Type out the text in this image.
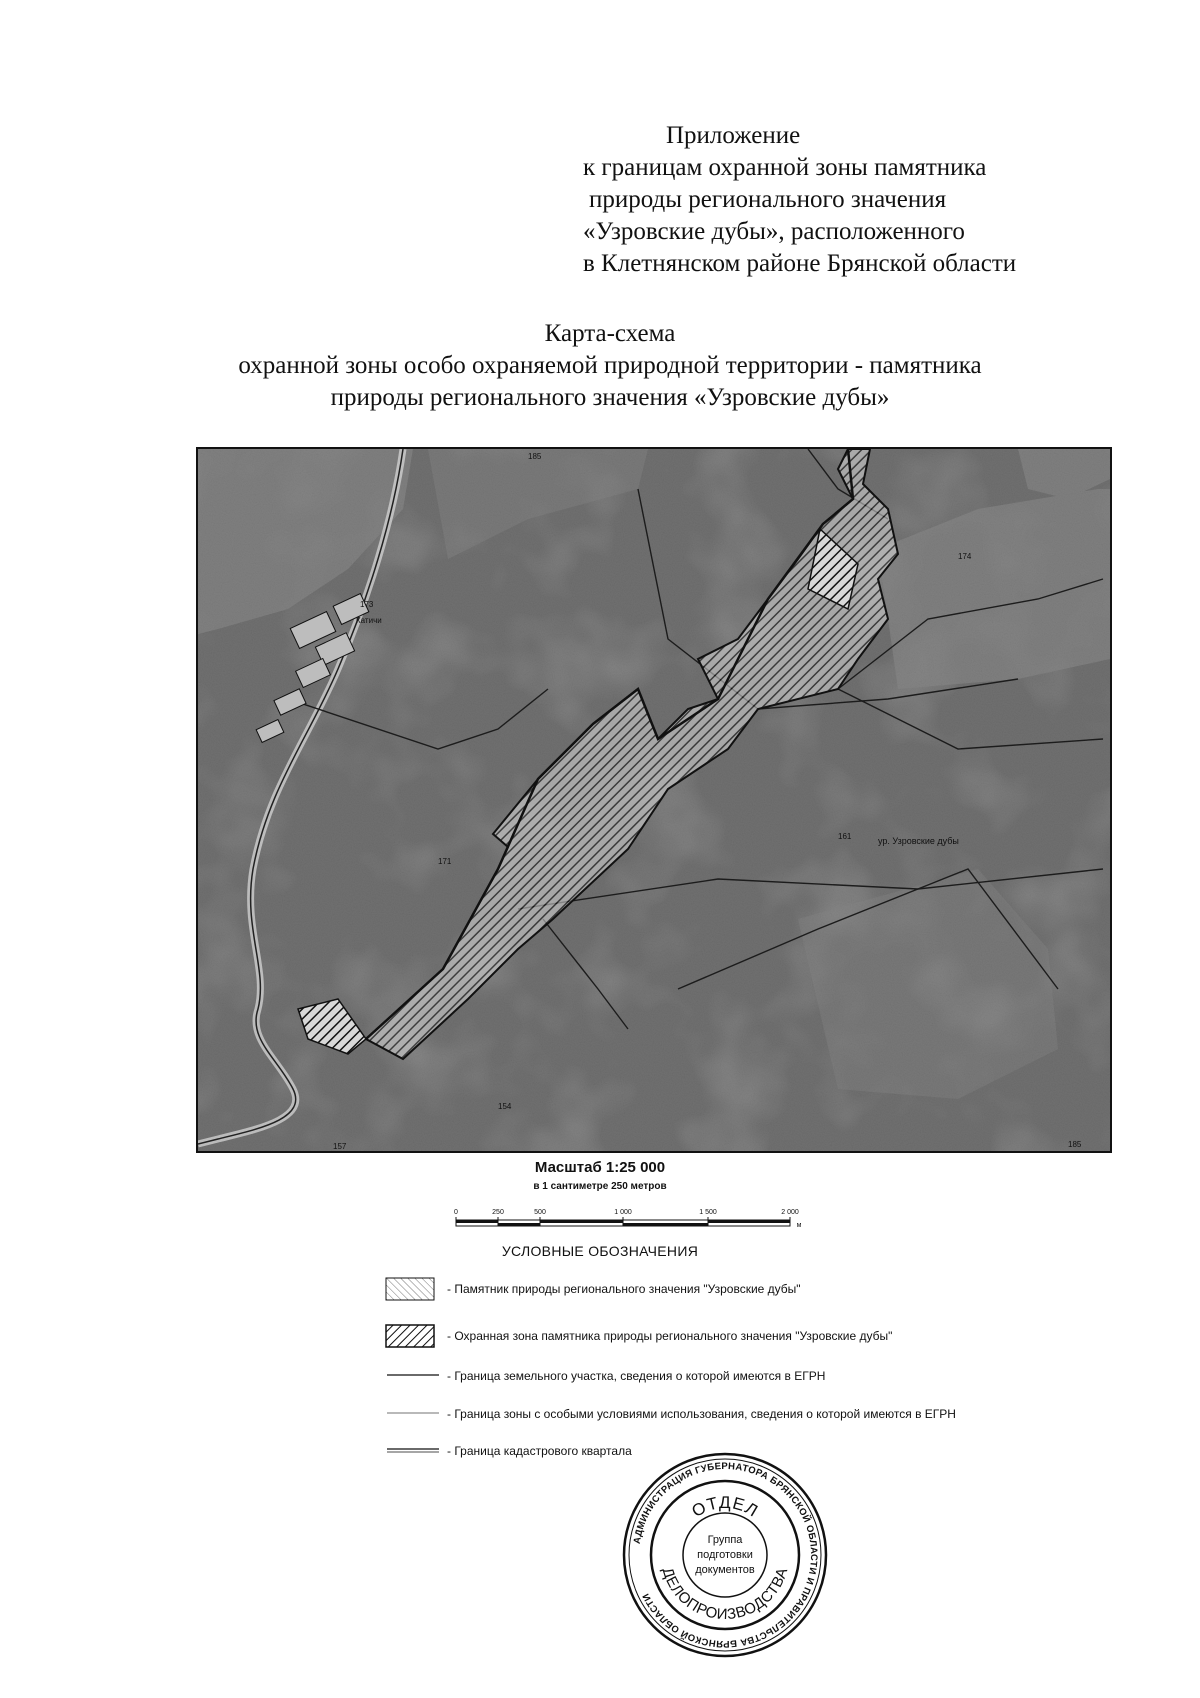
Приложение
к границам охранной зоны памятника
природы регионального значения
«Узровские дубы», расположенного
в Клетнянском районе Брянской области
Карта-схема
охранной зоны особо охраняемой природной территории - памятника
природы регионального значения «Узровские дубы»
Катичи
173
185
171
154
157
174
161
185
ур. Узровские дубы
Масштаб 1:25 000
в 1 сантиметре 250 метров
0	250	500	1 000	1 500	2 000
м
УСЛОВНЫЕ ОБОЗНАЧЕНИЯ
- Памятник природы регионального значения "Узровские дубы"
- Охранная зона памятника природы регионального значения "Узровские дубы"
- Граница земельного участка, сведения о которой имеются в ЕГРН
- Граница зоны с особыми условиями использования, сведения о которой имеются в ЕГРН
- Граница кадастрового квартала
АДМИНИСТРАЦИЯ ГУБЕРНАТОРА БРЯНСКОЙ ОБЛАСТИ И ПРАВИТЕЛЬСТВА БРЯНСКОЙ ОБЛАСТИ
ОТДЕЛ
ДЕЛОПРОИЗВОДСТВА
Группа
подготовки
документов
